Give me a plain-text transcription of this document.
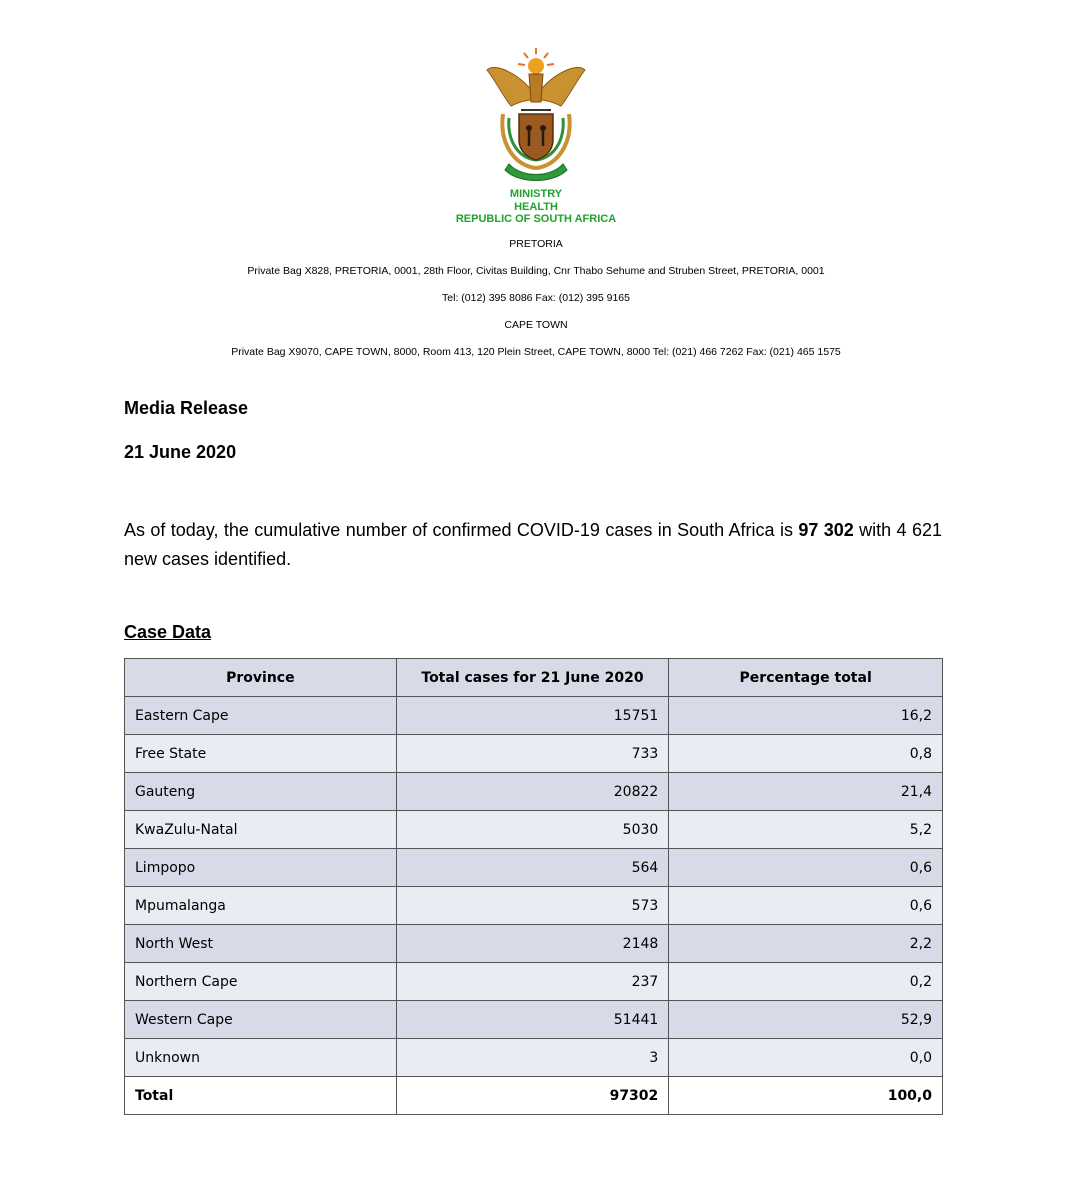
MINISTRY
HEALTH
REPUBLIC OF SOUTH AFRICA
PRETORIA
Private Bag X828, PRETORIA, 0001, 28th Floor, Civitas Building, Cnr Thabo Sehume and Struben Street, PRETORIA, 0001
Tel: (012) 395 8086 Fax: (012) 395 9165
CAPE TOWN
Private Bag X9070, CAPE TOWN, 8000, Room 413, 120 Plein Street, CAPE TOWN, 8000 Tel: (021) 466 7262 Fax: (021) 465 1575
Media Release
21 June 2020
As of today, the cumulative number of confirmed COVID-19 cases in South Africa is 97 302 with 4 621 new cases identified.
Case Data
Province	Total cases for 21 June 2020	Percentage total
Eastern Cape	15751	16,2
Free State	733	0,8
Gauteng	20822	21,4
KwaZulu-Natal	5030	5,2
Limpopo	564	0,6
Mpumalanga	573	0,6
North West	2148	2,2
Northern Cape	237	0,2
Western Cape	51441	52,9
Unknown	3	0,0
Total	97302	100,0
